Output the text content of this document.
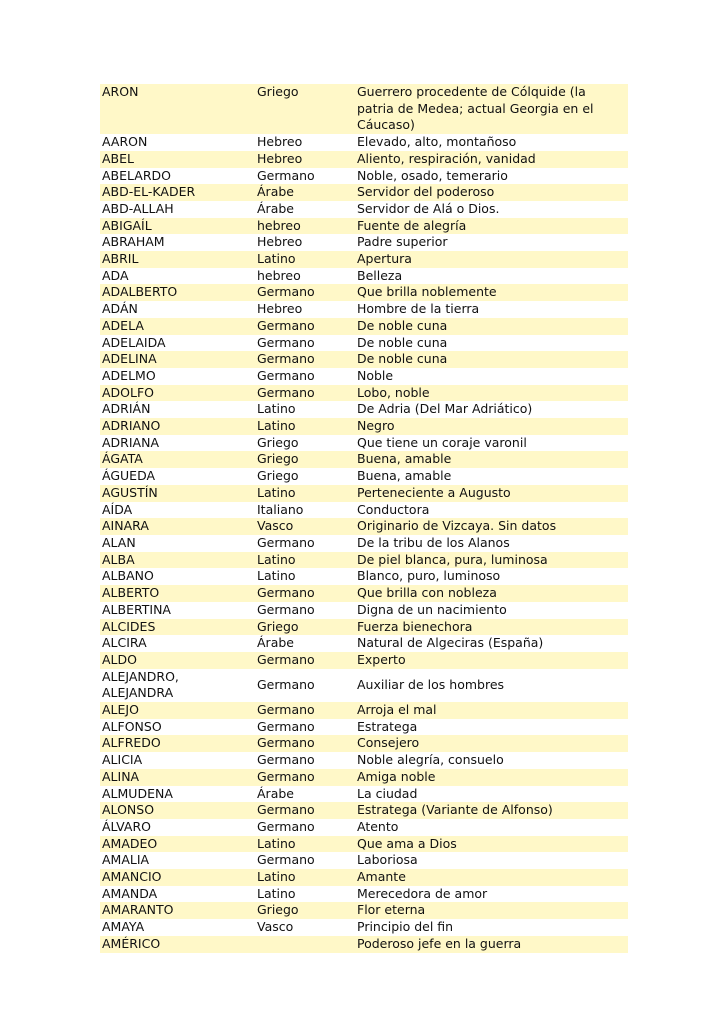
ARON	Griego	Guerrero procedente de Cólquide (la patria de Medea; actual Georgia en el Cáucaso)
AARON	Hebreo	Elevado, alto, montañoso
ABEL	Hebreo	Aliento, respiración, vanidad
ABELARDO	Germano	Noble, osado, temerario
ABD-EL-KADER	Árabe	Servidor del poderoso
ABD-ALLAH	Árabe	Servidor de Alá o Dios.
ABIGAÍL	hebreo	Fuente de alegría
ABRAHAM	Hebreo	Padre superior
ABRIL	Latino	Apertura
ADA	hebreo	Belleza
ADALBERTO	Germano	Que brilla noblemente
ADÁN	Hebreo	Hombre de la tierra
ADELA	Germano	De noble cuna
ADELAIDA	Germano	De noble cuna
ADELINA	Germano	De noble cuna
ADELMO	Germano	Noble
ADOLFO	Germano	Lobo, noble
ADRIÁN	Latino	De Adria (Del Mar Adriático)
ADRIANO	Latino	Negro
ADRIANA	Griego	Que tiene un coraje varonil
ÁGATA	Griego	Buena, amable
ÁGUEDA	Griego	Buena, amable
AGUSTÍN	Latino	Perteneciente a Augusto
AÍDA	Italiano	Conductora
AINARA	Vasco	Originario de Vizcaya. Sin datos
ALAN	Germano	De la tribu de los Alanos
ALBA	Latino	De piel blanca, pura, luminosa
ALBANO	Latino	Blanco, puro, luminoso
ALBERTO	Germano	Que brilla con nobleza
ALBERTINA	Germano	Digna de un nacimiento
ALCIDES	Griego	Fuerza bienechora
ALCIRA	Árabe	Natural de Algeciras (España)
ALDO	Germano	Experto
ALEJANDRO,
ALEJANDRA	Germano	Auxiliar de los hombres
ALEJO	Germano	Arroja el mal
ALFONSO	Germano	Estratega
ALFREDO	Germano	Consejero
ALICIA	Germano	Noble alegría, consuelo
ALINA	Germano	Amiga noble
ALMUDENA	Árabe	La ciudad
ALONSO	Germano	Estratega (Variante de Alfonso)
ÁLVARO	Germano	Atento
AMADEO	Latino	Que ama a Dios
AMALIA	Germano	Laboriosa
AMANCIO	Latino	Amante
AMANDA	Latino	Merecedora de amor
AMARANTO	Griego	Flor eterna
AMAYA	Vasco	Principio del fin
AMÉRICO		Poderoso jefe en la guerra
